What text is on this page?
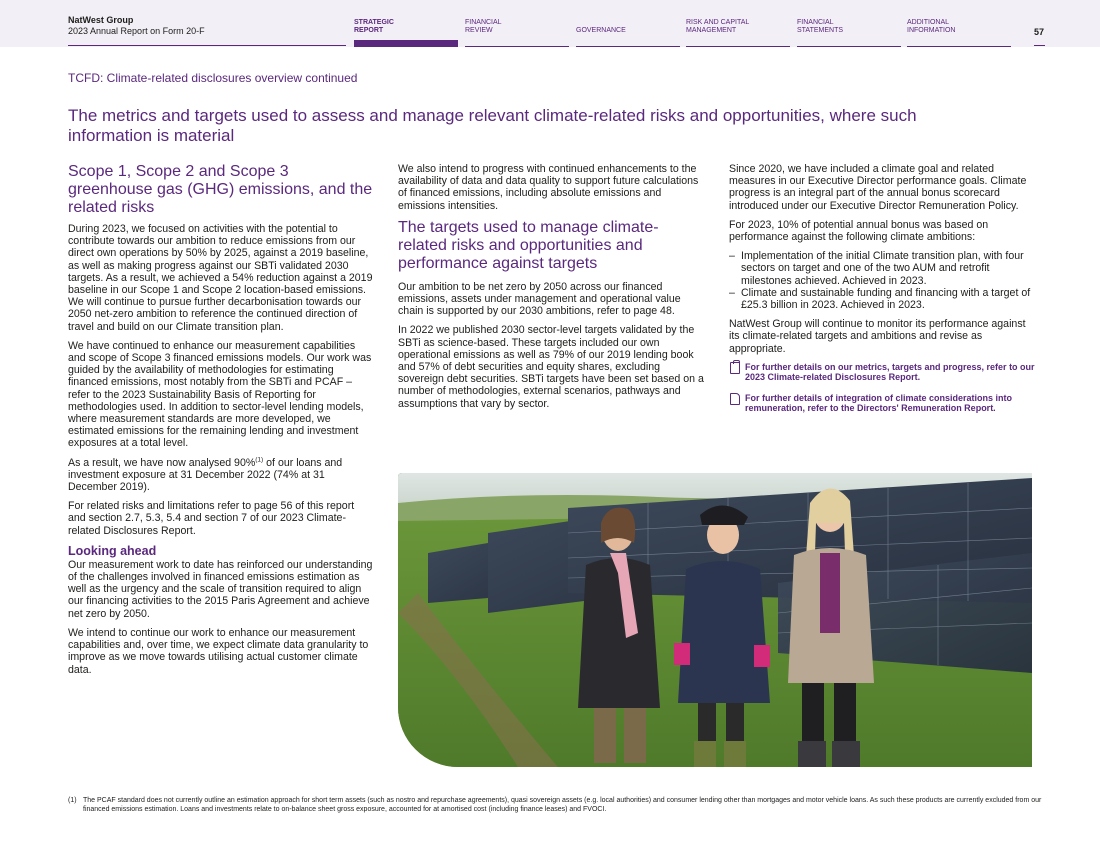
NatWest Group
2023 Annual Report on Form 20-F
STRATEGIC
REPORT
FINANCIAL
REVIEW	GOVERNANCE
RISK AND CAPITAL
MANAGEMENT
FINANCIAL
STATEMENTS
ADDITIONAL
INFORMATION	57
TCFD: Climate-related disclosures overview continued
The metrics and targets used to assess and manage relevant climate-related risks and opportunities, where such information is material
Scope 1, Scope 2 and Scope 3 greenhouse gas (GHG) emissions, and the related risks

During 2023, we focused on activities with the potential to contribute towards our ambition to reduce emissions from our direct own operations by 50% by 2025, against a 2019 baseline, as well as making progress against our SBTi validated 2030 targets. As a result, we achieved a 54% reduction against a 2019 baseline in our Scope 1 and Scope 2 location-based emissions. We will continue to pursue further decarbonisation towards our 2050 net-zero ambition to reference the continued direction of travel and build on our Climate transition plan.

We have continued to enhance our measurement capabilities and scope of Scope 3 financed emissions models. Our work was guided by the availability of methodologies for estimating financed emissions, most notably from the SBTi and PCAF – refer to the 2023 Sustainability Basis of Reporting for methodologies used. In addition to sector-level lending models, where measurement standards are more developed, we estimated emissions for the remaining lending and investment exposures at a total level.

As a result, we have now analysed 90%$^{(1)}$ of our loans and investment exposure at 31 December 2022 (74% at 31 December 2019).

For related risks and limitations refer to page 56 of this report and section 2.7, 5.3, 5.4 and section 7 of our 2023 Climate-related Disclosures Report.

Looking ahead

Our measurement work to date has reinforced our understanding of the challenges involved in financed emissions estimation as well as the urgency and the scale of transition required to align our financing activities to the 2015 Paris Agreement and achieve net zero by 2050.

We intend to continue our work to enhance our measurement capabilities and, over time, we expect climate data granularity to improve as we move towards utilising actual customer climate data.

We also intend to progress with continued enhancements to the availability of data and data quality to support future calculations of financed emissions, including absolute emissions and emissions intensities.

The targets used to manage climate-related risks and opportunities and performance against targets

Our ambition to be net zero by 2050 across our financed emissions, assets under management and operational value chain is supported by our 2030 ambitions, refer to page 48.

In 2022 we published 2030 sector-level targets validated by the SBTi as science-based. These targets included our own operational emissions as well as 79% of our 2019 lending book and 57% of debt securities and equity shares, excluding sovereign debt securities. SBTi targets have been set based on a number of methodologies, external scenarios, pathways and assumptions that vary by sector.

Since 2020, we have included a climate goal and related measures in our Executive Director performance goals. Climate progress is an integral part of the annual bonus scorecard introduced under our Executive Director Remuneration Policy.

For 2023, 10% of potential annual bonus was based on performance against the following climate ambitions:

– Implementation of the initial Climate transition plan, with four sectors on target and one of the two AUM and retrofit milestones achieved. Achieved in 2023.
– Climate and sustainable funding and financing with a target of £25.3 billion in 2023. Achieved in 2023.

NatWest Group will continue to monitor its performance against its climate-related targets and ambitions and revise as appropriate.

For further details on our metrics, targets and progress, refer to our 2023 Climate-related Disclosures Report.
For further details of integration of climate considerations into remuneration, refer to the Directors' Remuneration Report.
(1) The PCAF standard does not currently outline an estimation approach for short term assets (such as nostro and repurchase agreements), quasi sovereign assets (e.g. local authorities) and consumer lending other than mortgages and motor vehicle loans. As such these products are currently excluded from our financed emissions estimation. Loans and investments relate to on-balance sheet gross exposure, accounted for at amortised cost (including finance leases) and FVOCI.
